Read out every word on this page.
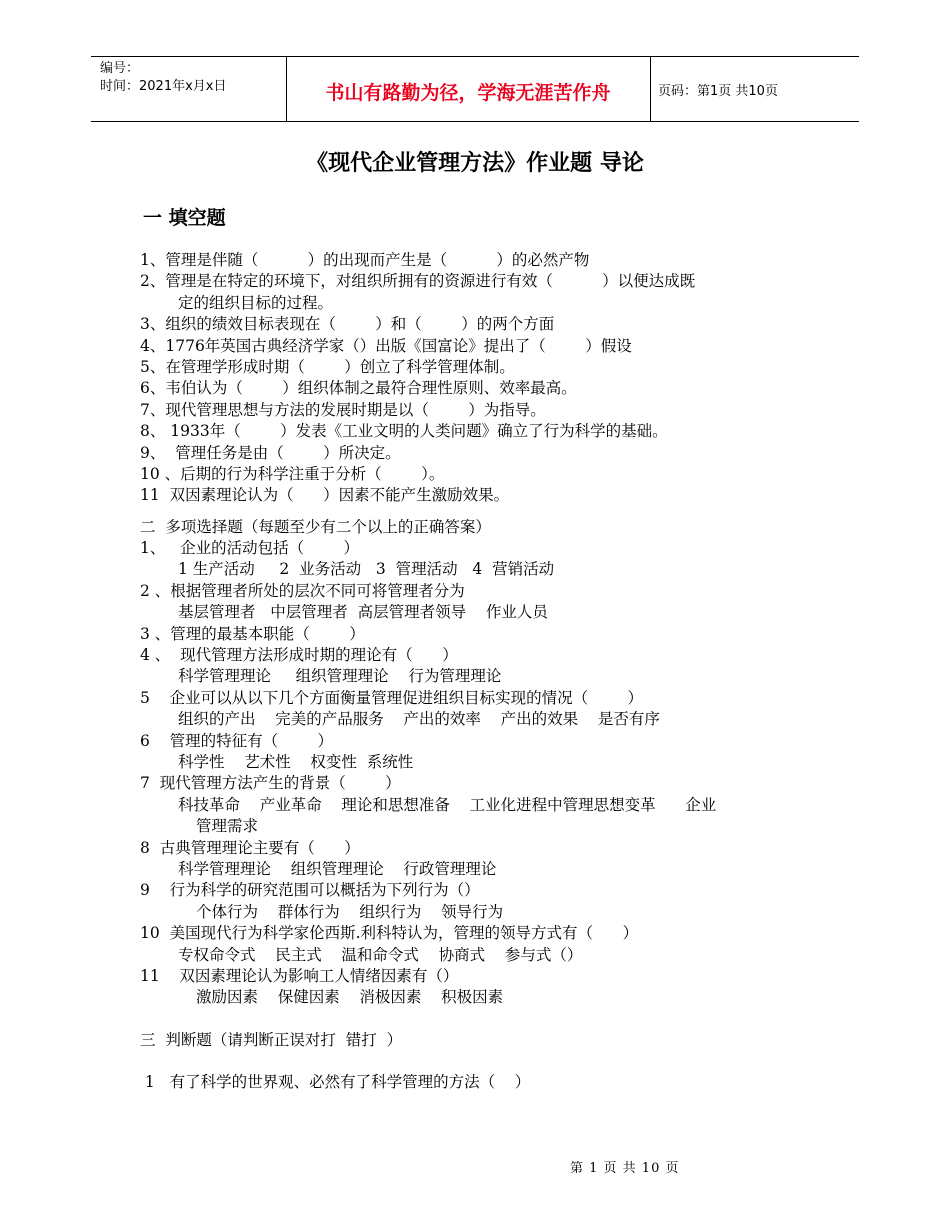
编号：
时间：2021年x月x日	书山有路勤为径，学海无涯苦作舟	页码：第1页 共10页
《现代企业管理方法》作业题 导论
一 填空题
1、管理是伴随（          ）的出现而产生是（          ）的必然产物
2、管理是在特定的环境下，对组织所拥有的资源进行有效（          ）以便达成既
定的组织目标的过程。
3、组织的绩效目标表现在（        ）和（        ）的两个方面
4、1776年英国古典经济学家（）出版《国富论》提出了（        ）假设
5、在管理学形成时期（        ）创立了科学管理体制。
6、韦伯认为（        ）组织体制之最符合理性原则、效率最高。
7、现代管理思想与方法的发展时期是以（        ）为指导。
8、 1933年（        ）发表《工业文明的人类问题》确立了行为科学的基础。
9、  管理任务是由（        ）所决定。
10 、后期的行为科学注重于分析（        ）。
11  双因素理论认为（      ）因素不能产生激励效果。
二  多项选择题（每题至少有二个以上的正确答案）
1、   企业的活动包括（        ）
1 生产活动     2  业务活动   3  管理活动   4  营销活动
2 、根据管理者所处的层次不同可将管理者分为
基层管理者   中层管理者  高层管理者领导    作业人员
3 、管理的最基本职能（        ）
4 、  现代管理方法形成时期的理论有（      ）
科学管理理论     组织管理理论    行为管理理论
5    企业可以从以下几个方面衡量管理促进组织目标实现的情况（        ）
组织的产出    完美的产品服务    产出的效率    产出的效果    是否有序
6    管理的特征有（        ）
科学性    艺术性    权变性  系统性
7  现代管理方法产生的背景（        ）
科技革命    产业革命    理论和思想准备    工业化进程中管理思想变革      企业
管理需求
8  古典管理理论主要有（      ）
科学管理理论    组织管理理论    行政管理理论
9    行为科学的研究范围可以概括为下列行为（）
个体行为    群体行为    组织行为    领导行为
10  美国现代行为科学家伦西斯.利科特认为，管理的领导方式有（      ）
专权命令式    民主式    温和命令式    协商式    参与式（）
11    双因素理论认为影响工人情绪因素有（）
激励因素    保健因素    消极因素    积极因素
三  判断题（请判断正误对打  错打  ）
1   有了科学的世界观、必然有了科学管理的方法（    ）
第 1 页 共 10 页
